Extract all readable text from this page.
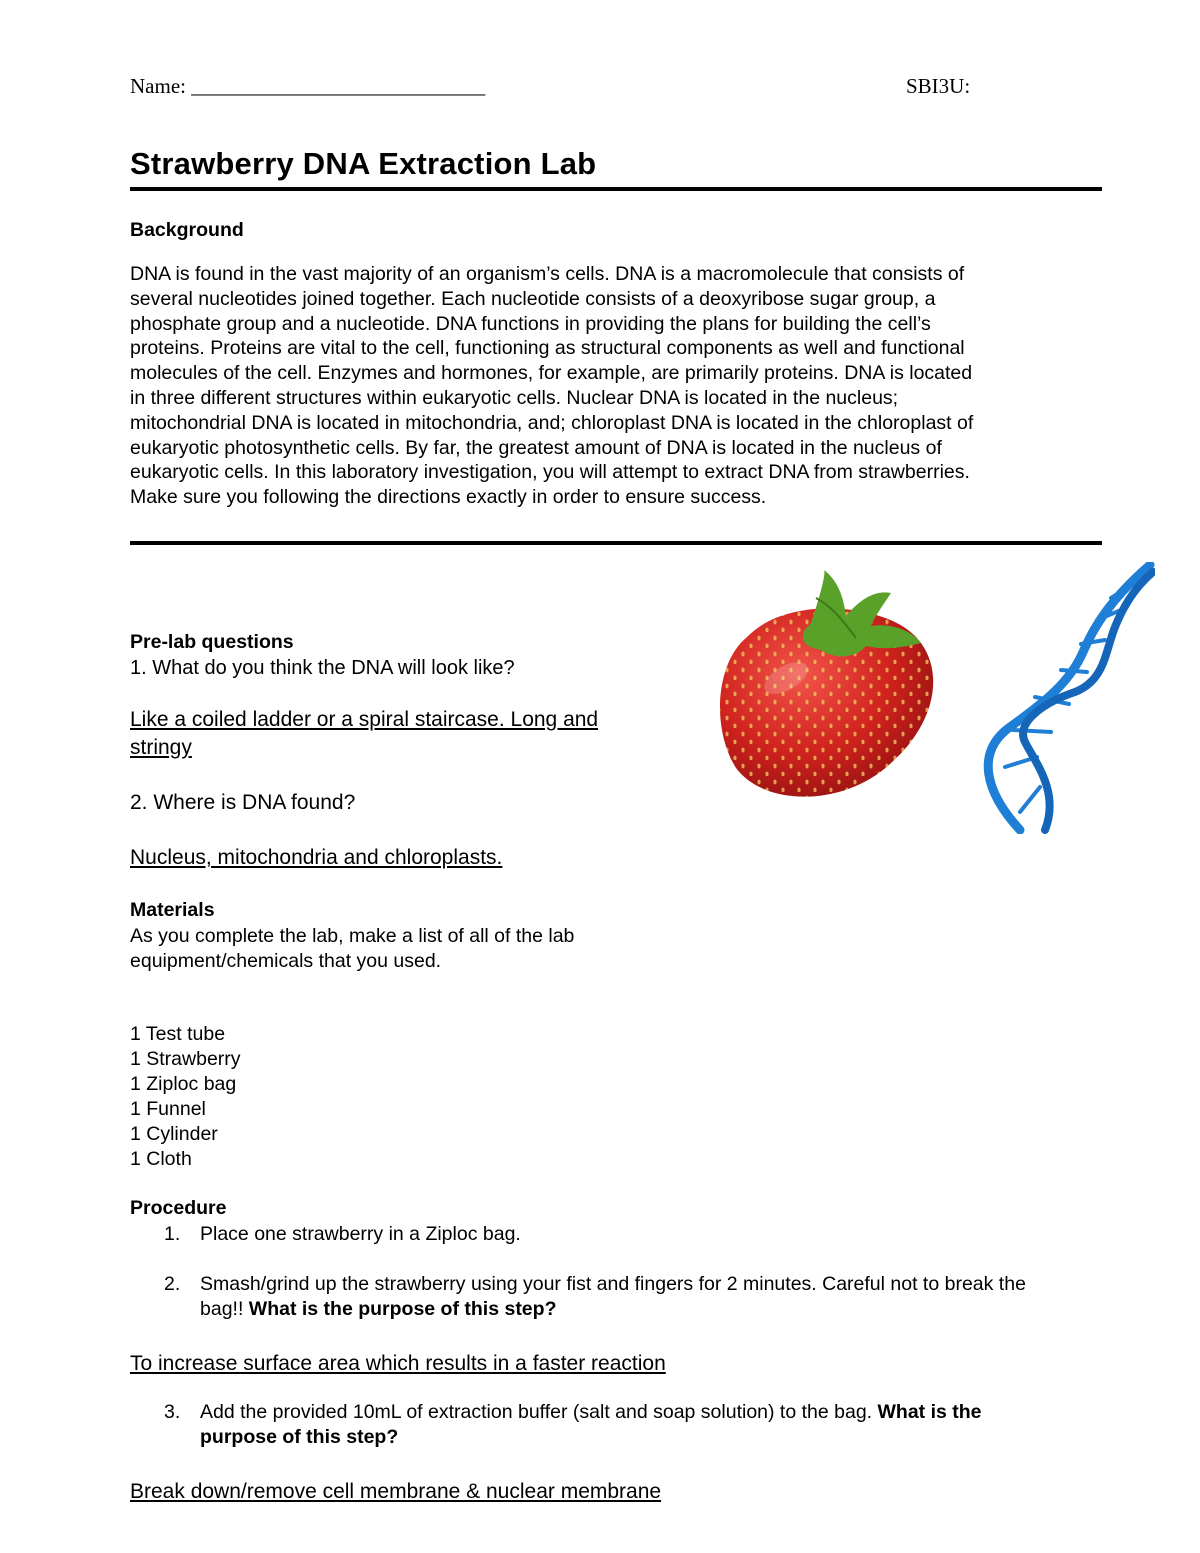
Name: ____________________________	SBI3U:
Strawberry DNA Extraction Lab
Background

DNA is found in the vast majority of an organism’s cells. DNA is a macromolecule that consists of

several nucleotides joined together. Each nucleotide consists of a deoxyribose sugar group, a

phosphate group and a nucleotide. DNA functions in providing the plans for building the cell’s

proteins. Proteins are vital to the cell, functioning as structural components as well and functional

molecules of the cell. Enzymes and hormones, for example, are primarily proteins. DNA is located

in three different structures within eukaryotic cells. Nuclear DNA is located in the nucleus;

mitochondrial DNA is located in mitochondria, and; chloroplast DNA is located in the chloroplast of

eukaryotic photosynthetic cells. By far, the greatest amount of DNA is located in the nucleus of

eukaryotic cells. In this laboratory investigation, you will attempt to extract DNA from strawberries.

Make sure you following the directions exactly in order to ensure success.

Pre-lab questions
1. What do you think the DNA will look like?
Like a coiled ladder or a spiral staircase. Long and
stringy
2. Where is DNA found?
Nucleus, mitochondria and chloroplasts.
Materials
As you complete the lab, make a list of all of the lab
equipment/chemicals that you used.
1 Test tube
1 Strawberry
1 Ziploc bag
1 Funnel
1 Cylinder
1 Cloth
Procedure
1. Place one strawberry in a Ziploc bag.
2. Smash/grind up the strawberry using your fist and fingers for 2 minutes. Careful not to break the
bag!! What is the purpose of this step?
To increase surface area which results in a faster reaction
3. Add the provided 10mL of extraction buffer (salt and soap solution) to the bag. What is the
purpose of this step?
Break down/remove cell membrane & nuclear membrane
